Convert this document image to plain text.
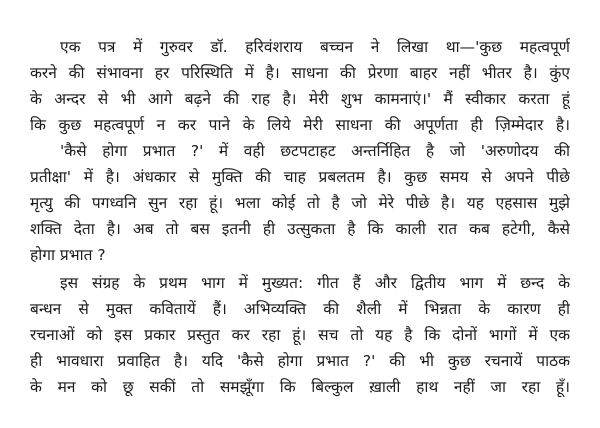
एक पत्र में गुरुवर डॉ. हरिवंशराय बच्चन ने लिखा था—'कुछ महत्वपूर्ण

करने की संभावना हर परिस्थिति में है। साधना की प्रेरणा बाहर नहीं भीतर है। कुंए

के अन्दर से भी आगे बढ़ने की राह है। मेरी शुभ कामनाएं।' मैं स्वीकार करता हूं

कि कुछ महत्वपूर्ण न कर पाने के लिये मेरी साधना की अपूर्णता ही ज़िम्मेदार है।

'कैसे होगा प्रभात ?' में वही छटपटाहट अन्तर्निहित है जो 'अरुणोदय की

प्रतीक्षा' में है। अंधकार से मुक्ति की चाह प्रबलतम है। कुछ समय से अपने पीछे

मृत्यु की पगध्वनि सुन रहा हूं। भला कोई तो है जो मेरे पीछे है। यह एहसास मुझे

शक्ति देता है। अब तो बस इतनी ही उत्सुकता है कि काली रात कब हटेगी, कैसे

होगा प्रभात ?

इस संग्रह के प्रथम भाग में मुख्यत: गीत हैं और द्वितीय भाग में छन्द के

बन्धन से मुक्त कवितायें हैं। अभिव्यक्ति की शैली में भिन्नता के कारण ही

रचनाओं को इस प्रकार प्रस्तुत कर रहा हूं। सच तो यह है कि दोनों भागों में एक

ही भावधारा प्रवाहित है। यदि 'कैसे होगा प्रभात ?' की भी कुछ रचनायें पाठक

के मन को छू सकीं तो समझूँगा कि बिल्कुल ख़ाली हाथ नहीं जा रहा हूँ।
